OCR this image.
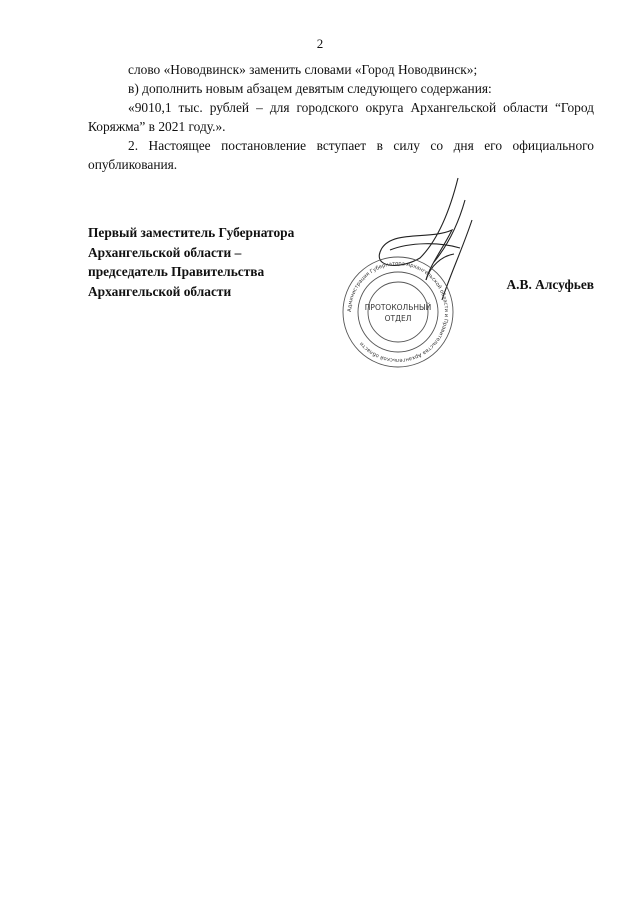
2

слово «Новодвинск» заменить словами «Город Новодвинск»;

в) дополнить новым абзацем девятым следующего содержания:

«9010,1 тыс. рублей – для городского округа Архангельской области “Город Коряжма” в 2021 году.».

2. Настоящее постановление вступает в силу со дня его официального опубликования.

Первый заместитель Губернатора
Архангельской области –
председатель Правительства
Архангельской области
Администрация Губернатора Архангельской области и Правительства Архангельской области
ПРОТОКОЛЬНЫЙ
ОТДЕЛ
А.В. Алсуфьев
